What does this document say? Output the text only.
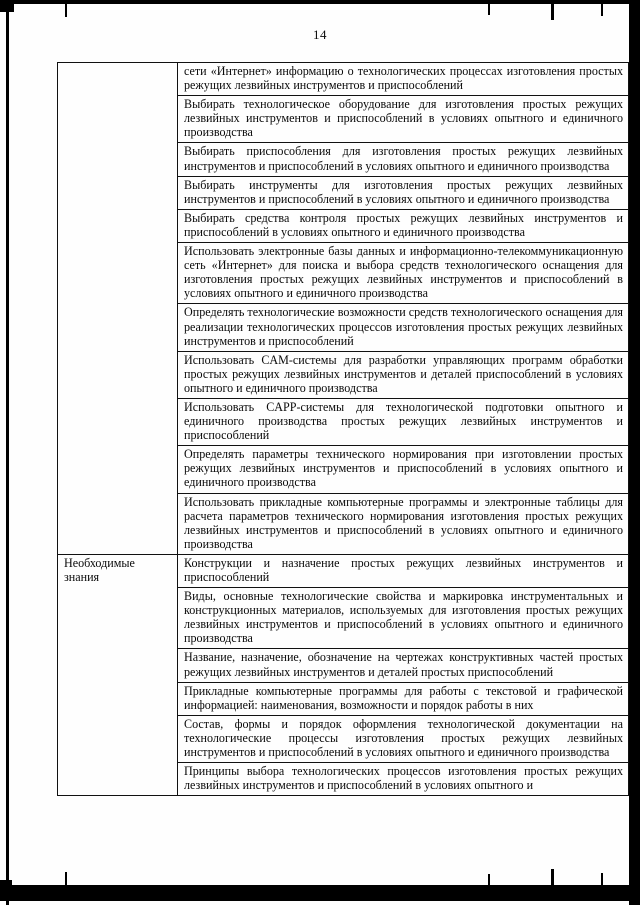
14
	сети «Интернет» информацию о технологических процессах изготовления простых режущих лезвийных инструментов и приспособлений
	Выбирать технологическое оборудование для изготовления простых режущих лезвийных инструментов и приспособлений в условиях опытного и единичного производства
	Выбирать приспособления для изготовления простых режущих лезвийных инструментов и приспособлений в условиях опытного и единичного производства
	Выбирать инструменты для изготовления простых режущих лезвийных инструментов и приспособлений в условиях опытного и единичного производства
	Выбирать средства контроля простых режущих лезвийных инструментов и приспособлений в условиях опытного и единичного производства
	Использовать электронные базы данных и информационно-телекоммуникационную сеть «Интернет» для поиска и выбора средств технологического оснащения для изготовления простых режущих лезвийных инструментов и приспособлений в условиях опытного и единичного производства
	Определять технологические возможности средств технологического оснащения для реализации технологических процессов изготовления простых режущих лезвийных инструментов и приспособлений
	Использовать CAM-системы для разработки управляющих программ обработки простых режущих лезвийных инструментов и деталей приспособлений в условиях опытного и единичного производства
	Использовать CAPP-системы для технологической подготовки опытного и единичного производства простых режущих лезвийных инструментов и приспособлений
	Определять параметры технического нормирования при изготовлении простых режущих лезвийных инструментов и приспособлений в условиях опытного и единичного производства
	Использовать прикладные компьютерные программы и электронные таблицы для расчета параметров технического нормирования изготовления простых режущих лезвийных инструментов и приспособлений в условиях опытного и единичного производства
Необходимые знания	Конструкции и назначение простых режущих лезвийных инструментов и приспособлений
	Виды, основные технологические свойства и маркировка инструментальных и конструкционных материалов, используемых для изготовления простых режущих лезвийных инструментов и приспособлений в условиях опытного и единичного производства
	Название, назначение, обозначение на чертежах конструктивных частей простых режущих лезвийных инструментов и деталей простых приспособлений
	Прикладные компьютерные программы для работы с текстовой и графической информацией: наименования, возможности и порядок работы в них
	Состав, формы и порядок оформления технологической документации на технологические процессы изготовления простых режущих лезвийных инструментов и приспособлений в условиях опытного и единичного производства
	Принципы выбора технологических процессов изготовления простых режущих лезвийных инструментов и приспособлений в условиях опытного и
